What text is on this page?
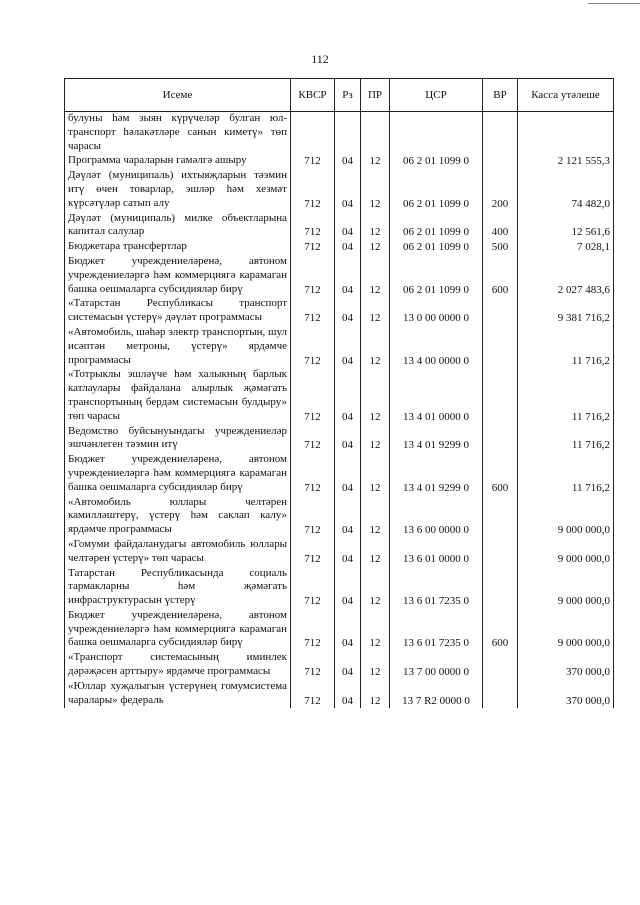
112
Исеме	КВСР	Рз	ПР	ЦСР	ВР	Касса утәлеше
булуны һәм зыян күрүчеләр булган юл-транспорт һәлакәтләре санын киметү» төп чарасы						
Программа чараларын гамәлгә ашыру	712	04	12	06 2 01 1099 0		2 121 555,3
Дәүләт (муниципаль) ихтыяҗларын тәэмин итү өчен товарлар, эшләр һәм хезмәт күрсәтүләр сатып алу	712	04	12	06 2 01 1099 0	200	74 482,0
Дәүләт (муниципаль) милке объектларына капитал салулар	712	04	12	06 2 01 1099 0	400	12 561,6
Бюджетара трансфертлар	712	04	12	06 2 01 1099 0	500	7 028,1
Бюджет учреждениеләренә, автоном учреждениеләргә һәм коммерциягә карамаган башка оешмаларга субсидияләр бирү	712	04	12	06 2 01 1099 0	600	2 027 483,6
«Татарстан Республикасы транспорт системасын үстерү» дәүләт программасы	712	04	12	13 0 00 0000 0		9 381 716,2
«Автомобиль, шәһәр электр транспортын, шул исәптән метроны, үстерү» ярдәмче программасы	712	04	12	13 4 00 0000 0		11 716,2
«Тотрыклы эшләүче һәм халыкның барлык катлаулары файдалана алырлык җәмәгать транспортының бердәм системасын булдыру» төп чарасы	712	04	12	13 4 01 0000 0		11 716,2
Ведомство буйсынуындагы учреждениеләр эшчәнлеген тәэмин итү	712	04	12	13 4 01 9299 0		11 716,2
Бюджет учреждениеләренә, автоном учреждениеләргә һәм коммерциягә карамаган башка оешмаларга субсидияләр бирү	712	04	12	13 4 01 9299 0	600	11 716,2
«Автомобиль юллары челтәрен камилләштерү, үстерү һәм саклап калу» ярдәмче программасы	712	04	12	13 6 00 0000 0		9 000 000,0
«Гомуми файдаланудагы автомобиль юллары челтәрен үстерү» төп чарасы	712	04	12	13 6 01 0000 0		9 000 000,0
Татарстан Республикасында социаль тармакларны һәм җәмәгать инфраструктурасын үстерү	712	04	12	13 6 01 7235 0		9 000 000,0
Бюджет учреждениеләренә, автоном учреждениеләргә һәм коммерциягә карамаган башка оешмаларга субсидияләр бирү	712	04	12	13 6 01 7235 0	600	9 000 000,0
«Транспорт системасының иминлек дәрәҗәсен арттыру» ярдәмче программасы	712	04	12	13 7 00 0000 0		370 000,0
«Юллар хуҗалыгын үстерүнең гомумсистема чаралары» федераль	712	04	12	13 7 R2 0000 0		370 000,0
